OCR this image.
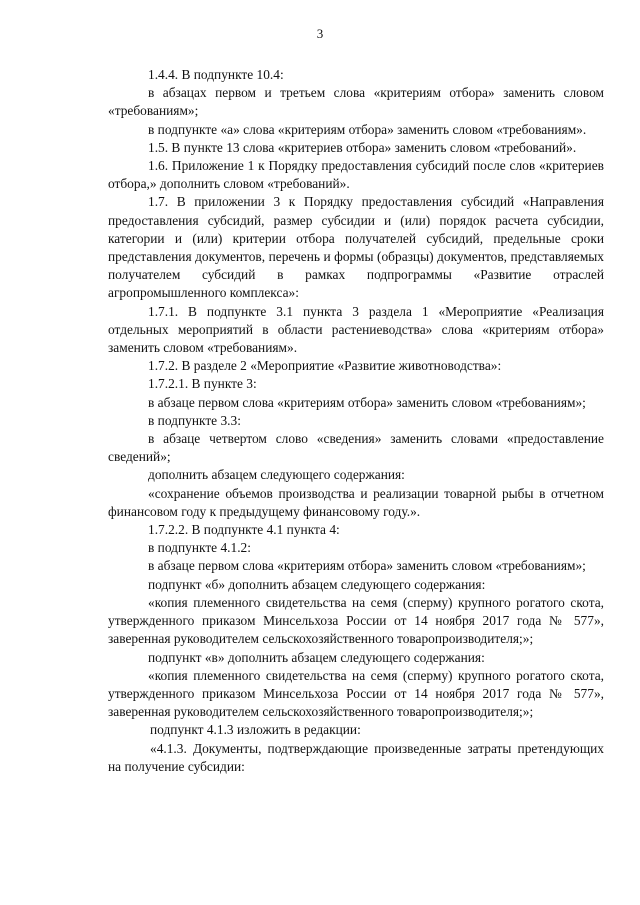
3

1.4.4. В подпункте 10.4:

в абзацах первом и третьем слова «критериям отбора» заменить словом «требованиям»;

в подпункте «а» слова «критериям отбора» заменить словом «требованиям».

1.5. В пункте 13 слова «критериев отбора» заменить словом «требований».

1.6. Приложение 1 к Порядку предоставления субсидий после слов «критериев отбора,» дополнить словом «требований».

1.7. В приложении 3 к Порядку предоставления субсидий «Направления предоставления субсидий, размер субсидии и (или) порядок расчета субсидии, категории и (или) критерии отбора получателей субсидий, предельные сроки представления документов, перечень и формы (образцы) документов, представляемых получателем субсидий в рамках подпрограммы «Развитие отраслей агропромышленного комплекса»:

1.7.1. В подпункте 3.1 пункта 3 раздела 1 «Мероприятие «Реализация отдельных мероприятий в области растениеводства» слова «критериям отбора» заменить словом «требованиям».

1.7.2. В разделе 2 «Мероприятие «Развитие животноводства»:

1.7.2.1. В пункте 3:

в абзаце первом слова «критериям отбора» заменить словом «требованиям»;

в подпункте 3.3:

в абзаце четвертом слово «сведения» заменить словами «предоставление сведений»;

дополнить абзацем следующего содержания:

«сохранение объемов производства и реализации товарной рыбы в отчетном финансовом году к предыдущему финансовому году.».

1.7.2.2. В подпункте 4.1 пункта 4:

в подпункте 4.1.2:

в абзаце первом слова «критериям отбора» заменить словом «требованиям»;

подпункт «б» дополнить абзацем следующего содержания:

«копия племенного свидетельства на семя (сперму) крупного рогатого скота, утвержденного приказом Минсельхоза России от 14 ноября 2017 года № 577», заверенная руководителем сельскохозяйственного товаропроизводителя;»;

подпункт «в» дополнить абзацем следующего содержания:

«копия племенного свидетельства на семя (сперму) крупного рогатого скота, утвержденного приказом Минсельхоза России от 14 ноября 2017 года № 577», заверенная руководителем сельскохозяйственного товаропроизводителя;»;

подпункт 4.1.3 изложить в редакции:

«4.1.3. Документы, подтверждающие произведенные затраты претендующих на получение субсидии:
